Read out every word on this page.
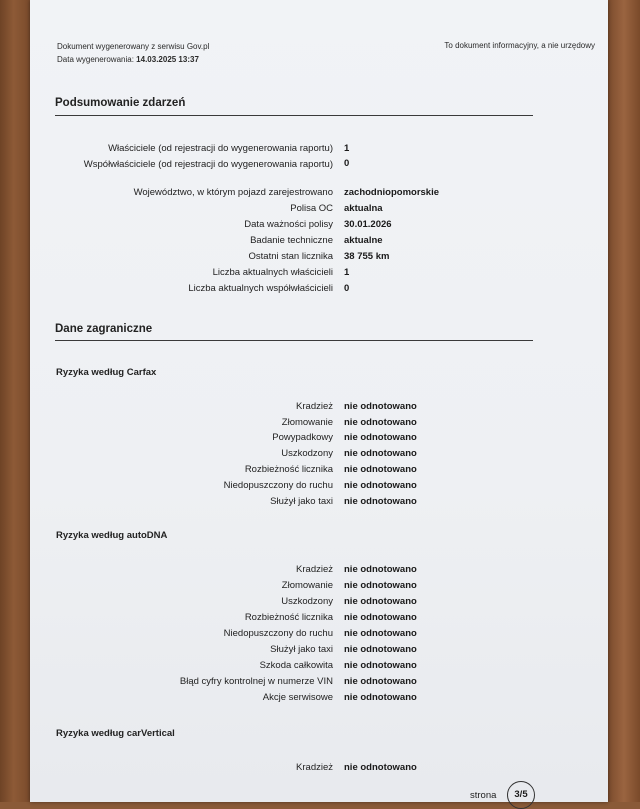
Dokument wygenerowany z serwisu Gov.pl
Data wygenerowania: 14.03.2025 13:37
To dokument informacyjny, a nie urzędowy
Podsumowanie zdarzeń
Właściciele (od rejestracji do wygenerowania raportu) 1
Współwłaściciele (od rejestracji do wygenerowania raportu) 0
Województwo, w którym pojazd zarejestrowano zachodniopomorskie
Polisa OC aktualna
Data ważności polisy 30.01.2026
Badanie techniczne aktualne
Ostatni stan licznika 38 755 km
Liczba aktualnych właścicieli 1
Liczba aktualnych współwłaścicieli 0
Dane zagraniczne
Ryzyka według Carfax
Kradzież nie odnotowano
Złomowanie nie odnotowano
Powypadkowy nie odnotowano
Uszkodzony nie odnotowano
Rozbieżność licznika nie odnotowano
Niedopuszczony do ruchu nie odnotowano
Służył jako taxi nie odnotowano
Ryzyka według autoDNA
Kradzież nie odnotowano
Złomowanie nie odnotowano
Uszkodzony nie odnotowano
Rozbieżność licznika nie odnotowano
Niedopuszczony do ruchu nie odnotowano
Służył jako taxi nie odnotowano
Szkoda całkowita nie odnotowano
Błąd cyfry kontrolnej w numerze VIN nie odnotowano
Akcje serwisowe nie odnotowano
Ryzyka według carVertical
Kradzież nie odnotowano
strona	3/5
